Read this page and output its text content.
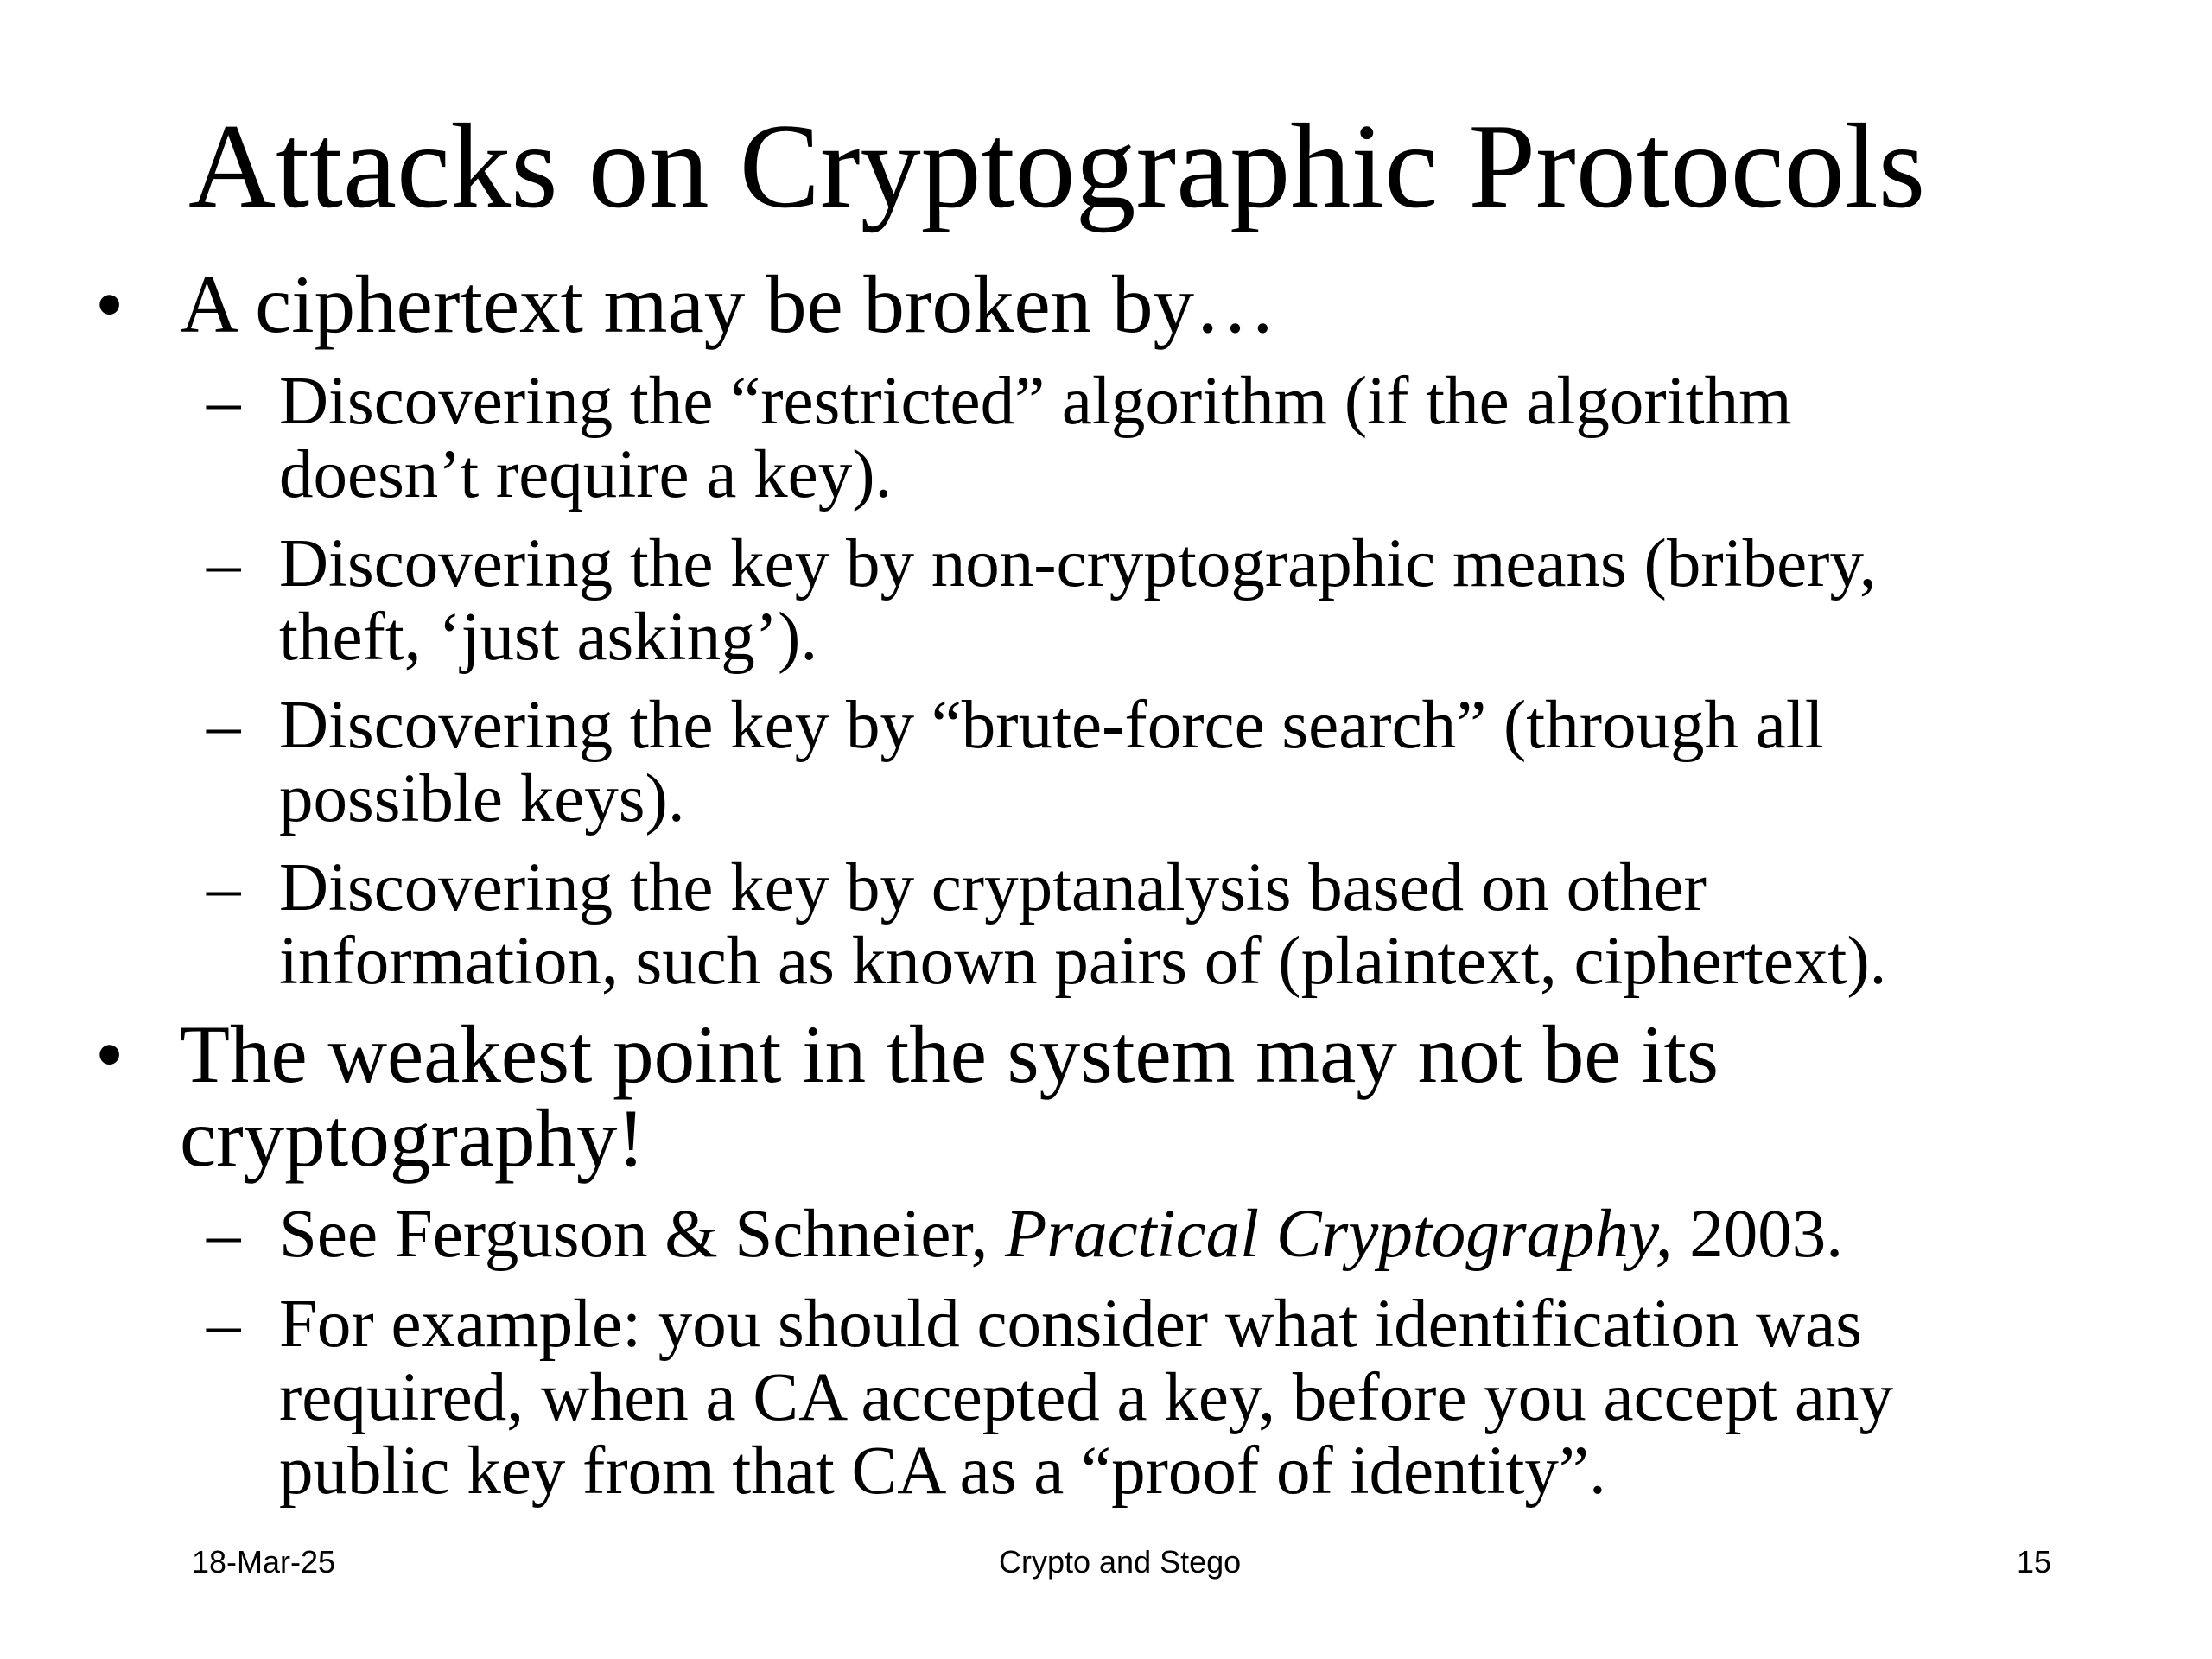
Attacks on Cryptographic Protocols
• A ciphertext may be broken by…
– Discovering the “restricted” algorithm (if the algorithm
doesn’t require a key).
– Discovering the key by non-cryptographic means (bribery,
theft, ‘just asking’).
– Discovering the key by “brute-force search” (through all
possible keys).
– Discovering the key by cryptanalysis based on other
information, such as known pairs of (plaintext, ciphertext).
• The weakest point in the system may not be its
cryptography!
– See Ferguson & Schneier, Practical Cryptography, 2003.
– For example: you should consider what identification was
required, when a CA accepted a key, before you accept any
public key from that CA as a “proof of identity”.
18-Mar-25	Crypto and Stego	15
